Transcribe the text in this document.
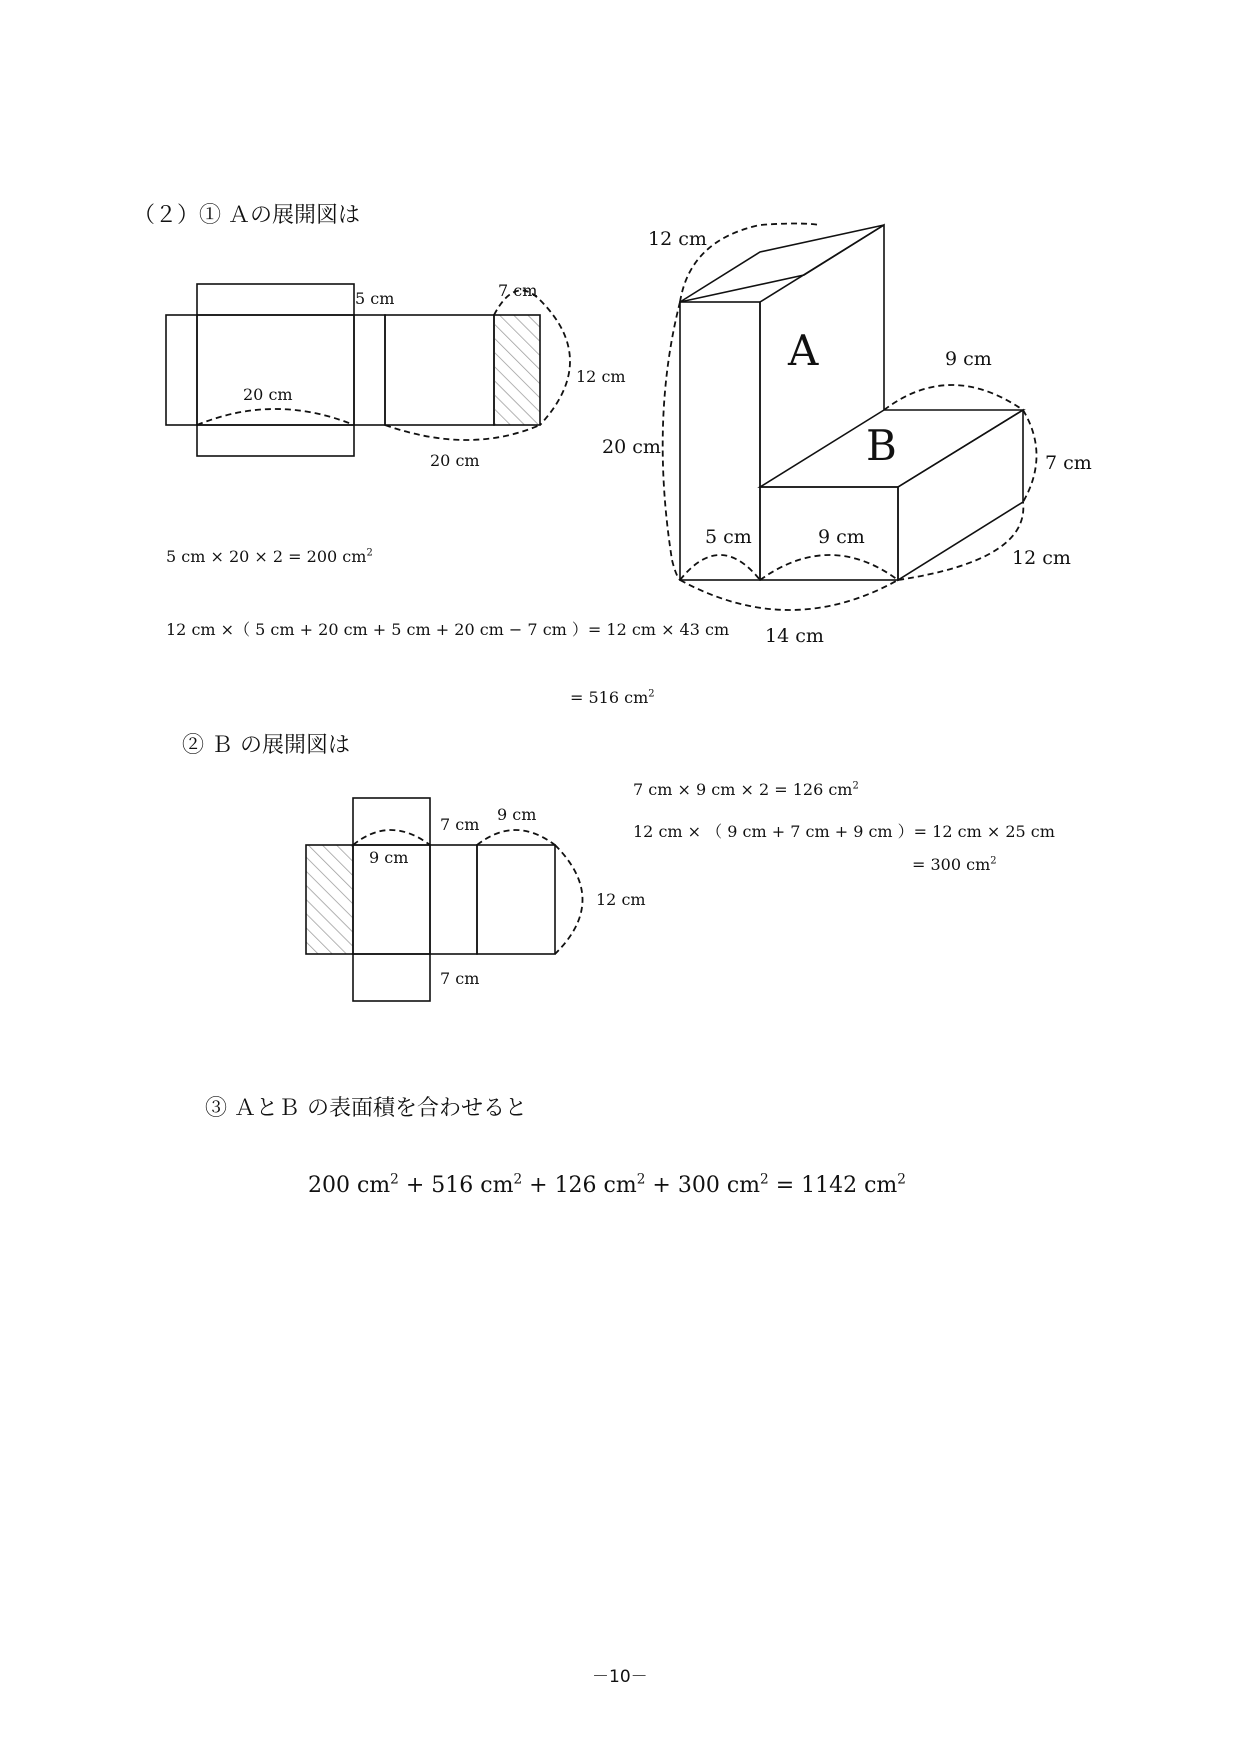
（２）① Ａの展開図は
5 cm	7 cm
12 cm
20 cm
20 cm
12 cm
A
B
9 cm
7 cm
20 cm
5 cm	9 cm
12 cm
14 cm
5 cm × 20 × 2 = 200 $cm^2$
12 cm ×（ 5 cm + 20 cm + 5 cm + 20 cm − 7 cm ）= 12 cm × 43 cm
= 516 $cm^2$
② Ｂ の展開図は
7 cm
9 cm
9 cm
12 cm
7 cm
7 cm × 9 cm × 2 = 126 $cm^2$
12 cm × （ 9 cm + 7 cm + 9 cm ）= 12 cm × 25 cm
= 300 $cm^2$
③ ＡとＢ の表面積を合わせると
200 $cm^2 + 516$ $cm^2 + 126$ $cm^2 + 300$ $cm^2 = 1142$ $cm^2$
－10－
